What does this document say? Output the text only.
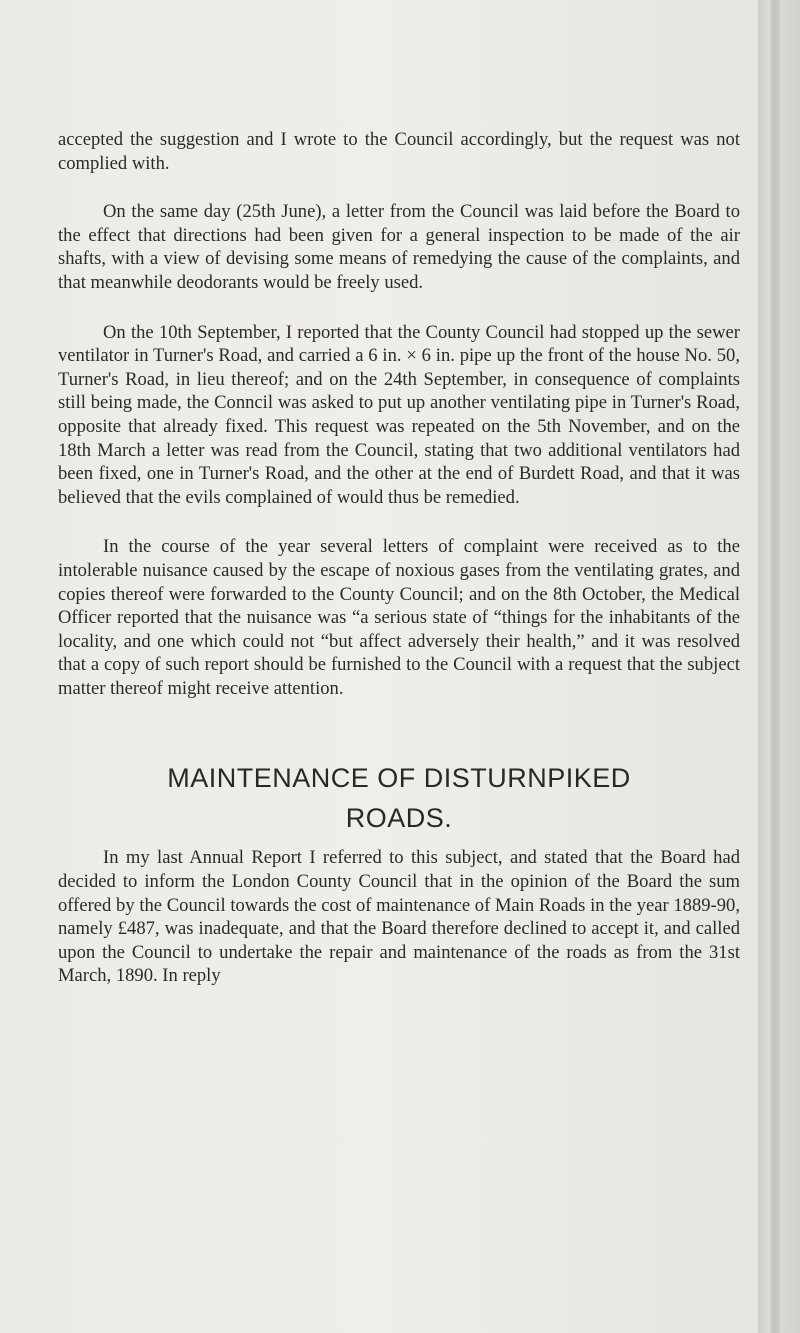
accepted the suggestion and I wrote to the Council accordingly, but the request was not complied with.

On the same day (25th June), a letter from the Council was laid before the Board to the effect that directions had been given for a general inspection to be made of the air shafts, with a view of devising some means of remedying the cause of the complaints, and that meanwhile deodorants would be freely used.

On the 10th September, I reported that the County Council had stopped up the sewer ventilator in Turner's Road, and carried a 6 in. × 6 in. pipe up the front of the house No. 50, Turner's Road, in lieu thereof; and on the 24th September, in consequence of complaints still being made, the Conncil was asked to put up another ventilating pipe in Turner's Road, opposite that already fixed. This request was repeated on the 5th November, and on the 18th March a letter was read from the Council, stating that two additional ventilators had been fixed, one in Turner's Road, and the other at the end of Burdett Road, and that it was believed that the evils complained of would thus be remedied.

In the course of the year several letters of complaint were received as to the intolerable nuisance caused by the escape of noxious gases from the ventilating grates, and copies thereof were forwarded to the County Council; and on the 8th October, the Medical Officer reported that the nuisance was “a serious state of “things for the inhabitants of the locality, and one which could not “but affect adversely their health,” and it was resolved that a copy of such report should be furnished to the Council with a request that the subject matter thereof might receive attention.

MAINTENANCE OF DISTURNPIKED
ROADS.

In my last Annual Report I referred to this subject, and stated that the Board had decided to inform the London County Council that in the opinion of the Board the sum offered by the Council towards the cost of maintenance of Main Roads in the year 1889-90, namely £487, was inadequate, and that the Board therefore declined to accept it, and called upon the Council to undertake the repair and maintenance of the roads as from the 31st March, 1890. In reply
